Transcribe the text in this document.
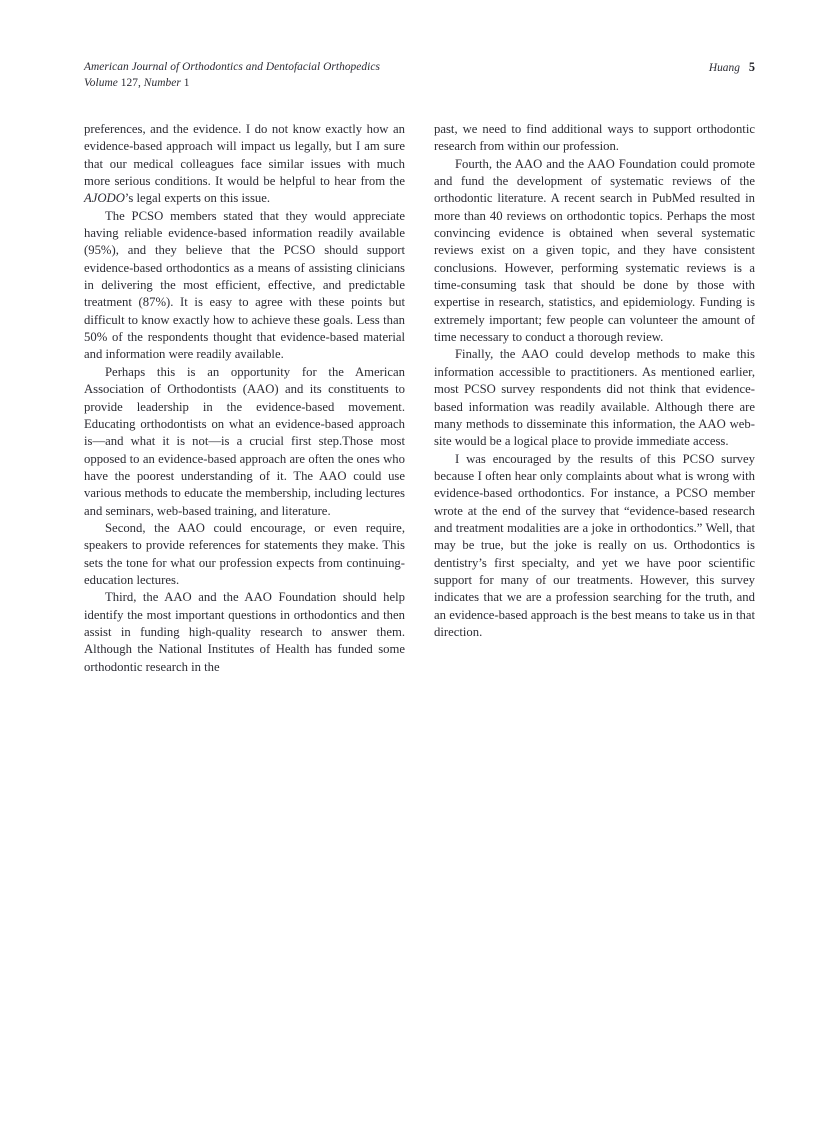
American Journal of Orthodontics and Dentofacial Orthopedics
Volume 127, Number 1
Huang 5

preferences, and the evidence. I do not know exactly how an evidence-based approach will impact us legally, but I am sure that our medical colleagues face similar issues with much more serious conditions. It would be helpful to hear from the AJODO’s legal experts on this issue.

The PCSO members stated that they would appreciate having reliable evidence-based information readily available (95%), and they believe that the PCSO should support evidence-based orthodontics as a means of assisting clinicians in delivering the most efficient, effective, and predictable treatment (87%). It is easy to agree with these points but difficult to know exactly how to achieve these goals. Less than 50% of the respondents thought that evidence-based material and information were readily available.

Perhaps this is an opportunity for the American Association of Orthodontists (AAO) and its constituents to provide leadership in the evidence-based movement. Educating orthodontists on what an evidence-based approach is—and what it is not—is a crucial first step.Those most opposed to an evidence-based approach are often the ones who have the poorest understanding of it. The AAO could use various methods to educate the membership, including lectures and seminars, web-based training, and literature.

Second, the AAO could encourage, or even require, speakers to provide references for statements they make. This sets the tone for what our profession expects from continuing-education lectures.

Third, the AAO and the AAO Foundation should help identify the most important questions in orthodontics and then assist in funding high-quality research to answer them. Although the National Institutes of Health has funded some orthodontic research in the

past, we need to find additional ways to support orthodontic research from within our profession.

Fourth, the AAO and the AAO Foundation could promote and fund the development of systematic reviews of the orthodontic literature. A recent search in PubMed resulted in more than 40 reviews on orthodontic topics. Perhaps the most convincing evidence is obtained when several systematic reviews exist on a given topic, and they have consistent conclusions. However, performing systematic reviews is a time-consuming task that should be done by those with expertise in research, statistics, and epidemiology. Funding is extremely important; few people can volunteer the amount of time necessary to conduct a thorough review.

Finally, the AAO could develop methods to make this information accessible to practitioners. As mentioned earlier, most PCSO survey respondents did not think that evidence-based information was readily available. Although there are many methods to disseminate this information, the AAO web-site would be a logical place to provide immediate access.

I was encouraged by the results of this PCSO survey because I often hear only complaints about what is wrong with evidence-based orthodontics. For instance, a PCSO member wrote at the end of the survey that “evidence-based research and treatment modalities are a joke in orthodontics.” Well, that may be true, but the joke is really on us. Orthodontics is dentistry’s first specialty, and yet we have poor scientific support for many of our treatments. However, this survey indicates that we are a profession searching for the truth, and an evidence-based approach is the best means to take us in that direction.
